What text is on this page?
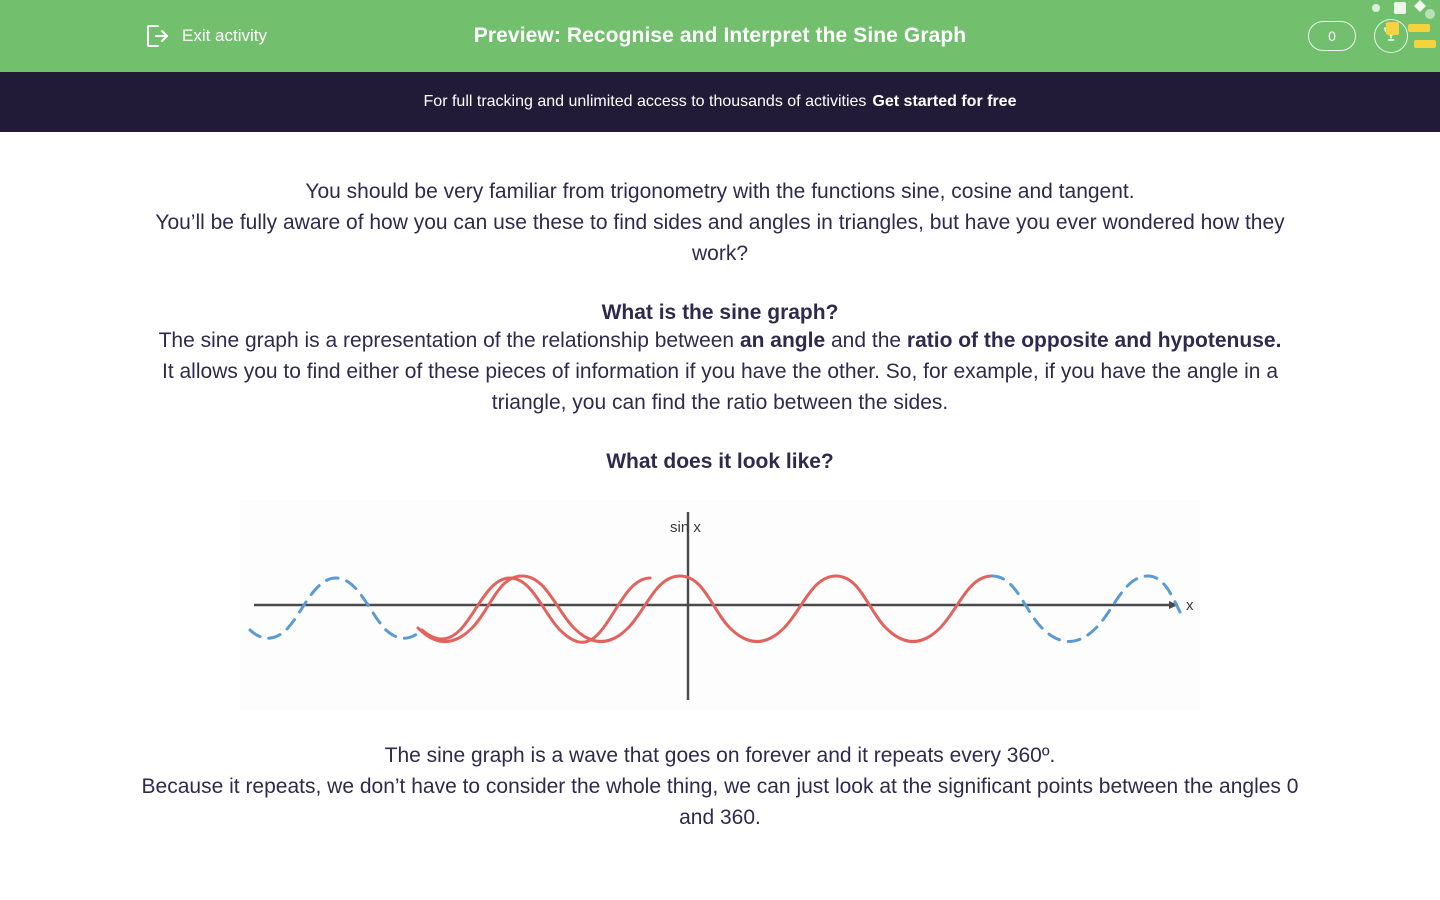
Exit activity	Preview: Recognise and Interpret the Sine Graph	0
For full tracking and unlimited access to thousands of activities Get started for free
You should be very familiar from trigonometry with the functions sine, cosine and tangent.
You’ll be fully aware of how you can use these to find sides and angles in triangles, but have you ever wondered how they work?
What is the sine graph?
The sine graph is a representation of the relationship between an angle and the ratio of the opposite and hypotenuse.
It allows you to find either of these pieces of information if you have the other. So, for example, if you have the angle in a triangle, you can find the ratio between the sides.
What does it look like?
sin x
x
The sine graph is a wave that goes on forever and it repeats every 360º.
Because it repeats, we don’t have to consider the whole thing, we can just look at the significant points between the angles 0 and 360.
